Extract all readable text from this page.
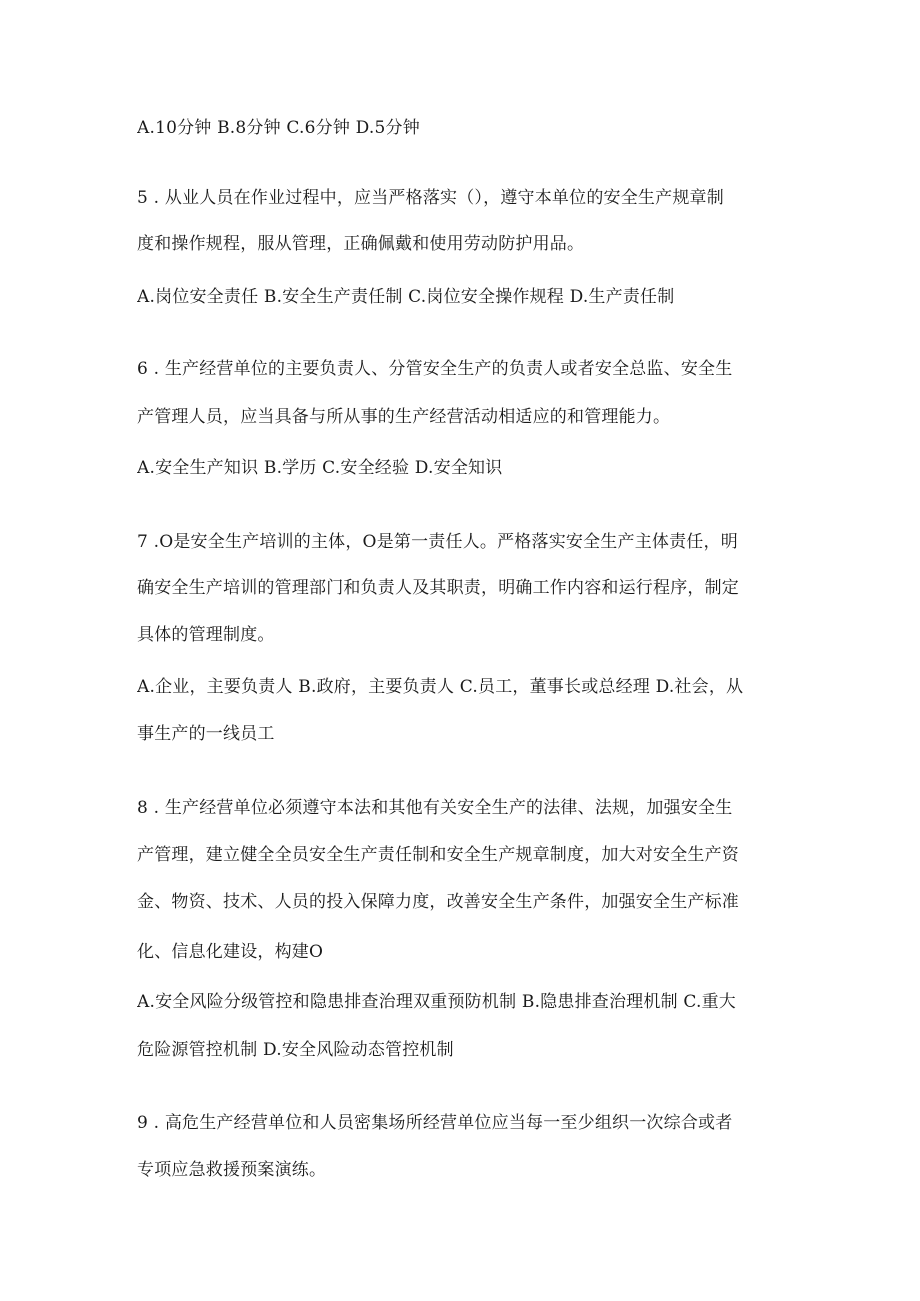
A.10分钟 B.8分钟 C.6分钟 D.5分钟
5 . 从业人员在作业过程中，应当严格落实（），遵守本单位的安全生产规章制
度和操作规程，服从管理，正确佩戴和使用劳动防护用品。
A.岗位安全责任 B.安全生产责任制 C.岗位安全操作规程 D.生产责任制
6 . 生产经营单位的主要负责人、分管安全生产的负责人或者安全总监、安全生
产管理人员，应当具备与所从事的生产经营活动相适应的和管理能力。
A.安全生产知识 B.学历 C.安全经验 D.安全知识
7 .O是安全生产培训的主体，O是第一责任人。严格落实安全生产主体责任，明
确安全生产培训的管理部门和负责人及其职责，明确工作内容和运行程序，制定
具体的管理制度。
A.企业，主要负责人 B.政府，主要负责人 C.员工，董事长或总经理 D.社会，从
事生产的一线员工
8 . 生产经营单位必须遵守本法和其他有关安全生产的法律、法规，加强安全生
产管理，建立健全全员安全生产责任制和安全生产规章制度，加大对安全生产资
金、物资、技术、人员的投入保障力度，改善安全生产条件，加强安全生产标准
化、信息化建设，构建O
A.安全风险分级管控和隐患排查治理双重预防机制 B.隐患排查治理机制 C.重大
危险源管控机制 D.安全风险动态管控机制
9 . 高危生产经营单位和人员密集场所经营单位应当每一至少组织一次综合或者
专项应急救援预案演练。
